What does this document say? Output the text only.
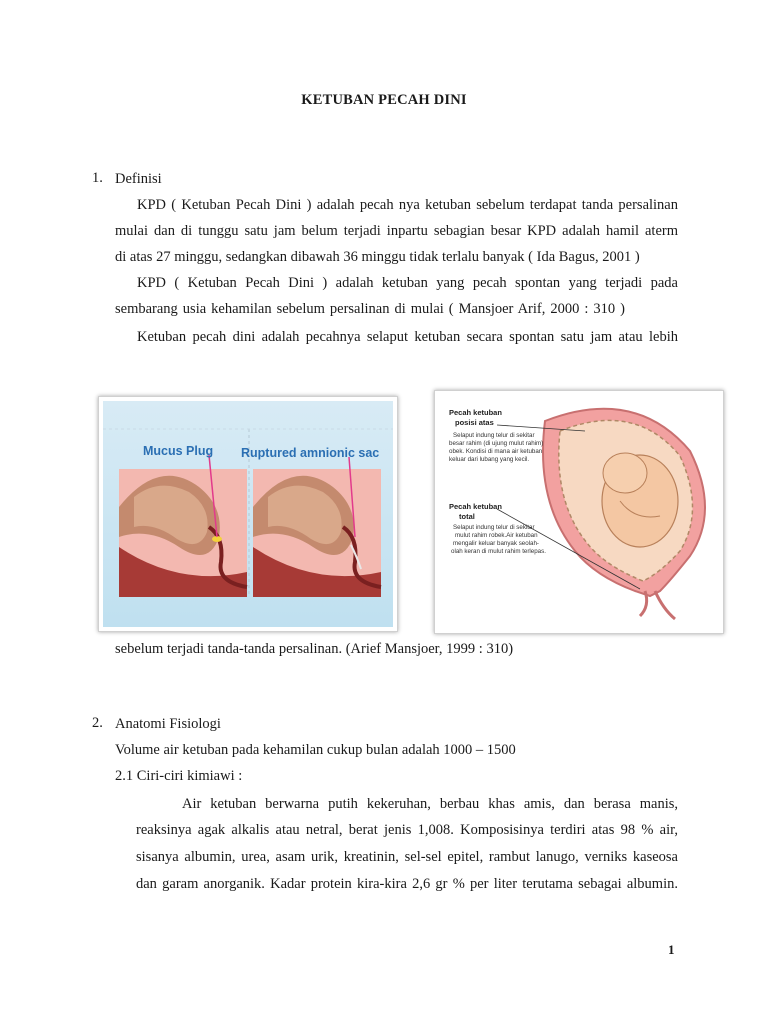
KETUBAN PECAH DINI
1. Definisi
KPD ( Ketuban Pecah Dini ) adalah pecah nya ketuban sebelum terdapat tanda persalinan
mulai dan di tunggu satu jam belum terjadi inpartu sebagian besar KPD adalah hamil aterm
di atas 27 minggu, sedangkan dibawah 36 minggu tidak terlalu banyak ( Ida Bagus, 2001 )
KPD ( Ketuban Pecah Dini ) adalah ketuban yang pecah spontan yang terjadi pada
sembarang usia kehamilan sebelum persalinan di mulai ( Mansjoer Arif, 2000 : 310 )
Ketuban pecah dini adalah pecahnya selaput ketuban secara spontan satu jam atau lebih
Mucus Plug Ruptured amnionic sac
Pecah ketuban
posisi atas
Selaput indung telur di sekitar
besar rahim (di ujung mulut rahim)
obek. Kondisi di mana air ketuban
keluar dari lubang yang kecil.
Pecah ketuban
total
Selaput indung telur di sekitar
mulut rahim robek.Air ketuban
mengalir keluar banyak seolah-
olah keran di mulut rahim terlepas.
sebelum terjadi tanda-tanda persalinan. (Arief Mansjoer, 1999 : 310)
2. Anatomi Fisiologi
Volume air ketuban pada kehamilan cukup bulan adalah 1000 – 1500
2.1 Ciri-ciri kimiawi :
Air ketuban berwarna putih kekeruhan, berbau khas amis, dan berasa manis,
reaksinya agak alkalis atau netral, berat jenis 1,008. Komposisinya terdiri atas 98 % air,
sisanya albumin, urea, asam urik, kreatinin, sel-sel epitel, rambut lanugo, verniks kaseosa
dan garam anorganik. Kadar protein kira-kira 2,6 gr % per liter terutama sebagai albumin.
1
